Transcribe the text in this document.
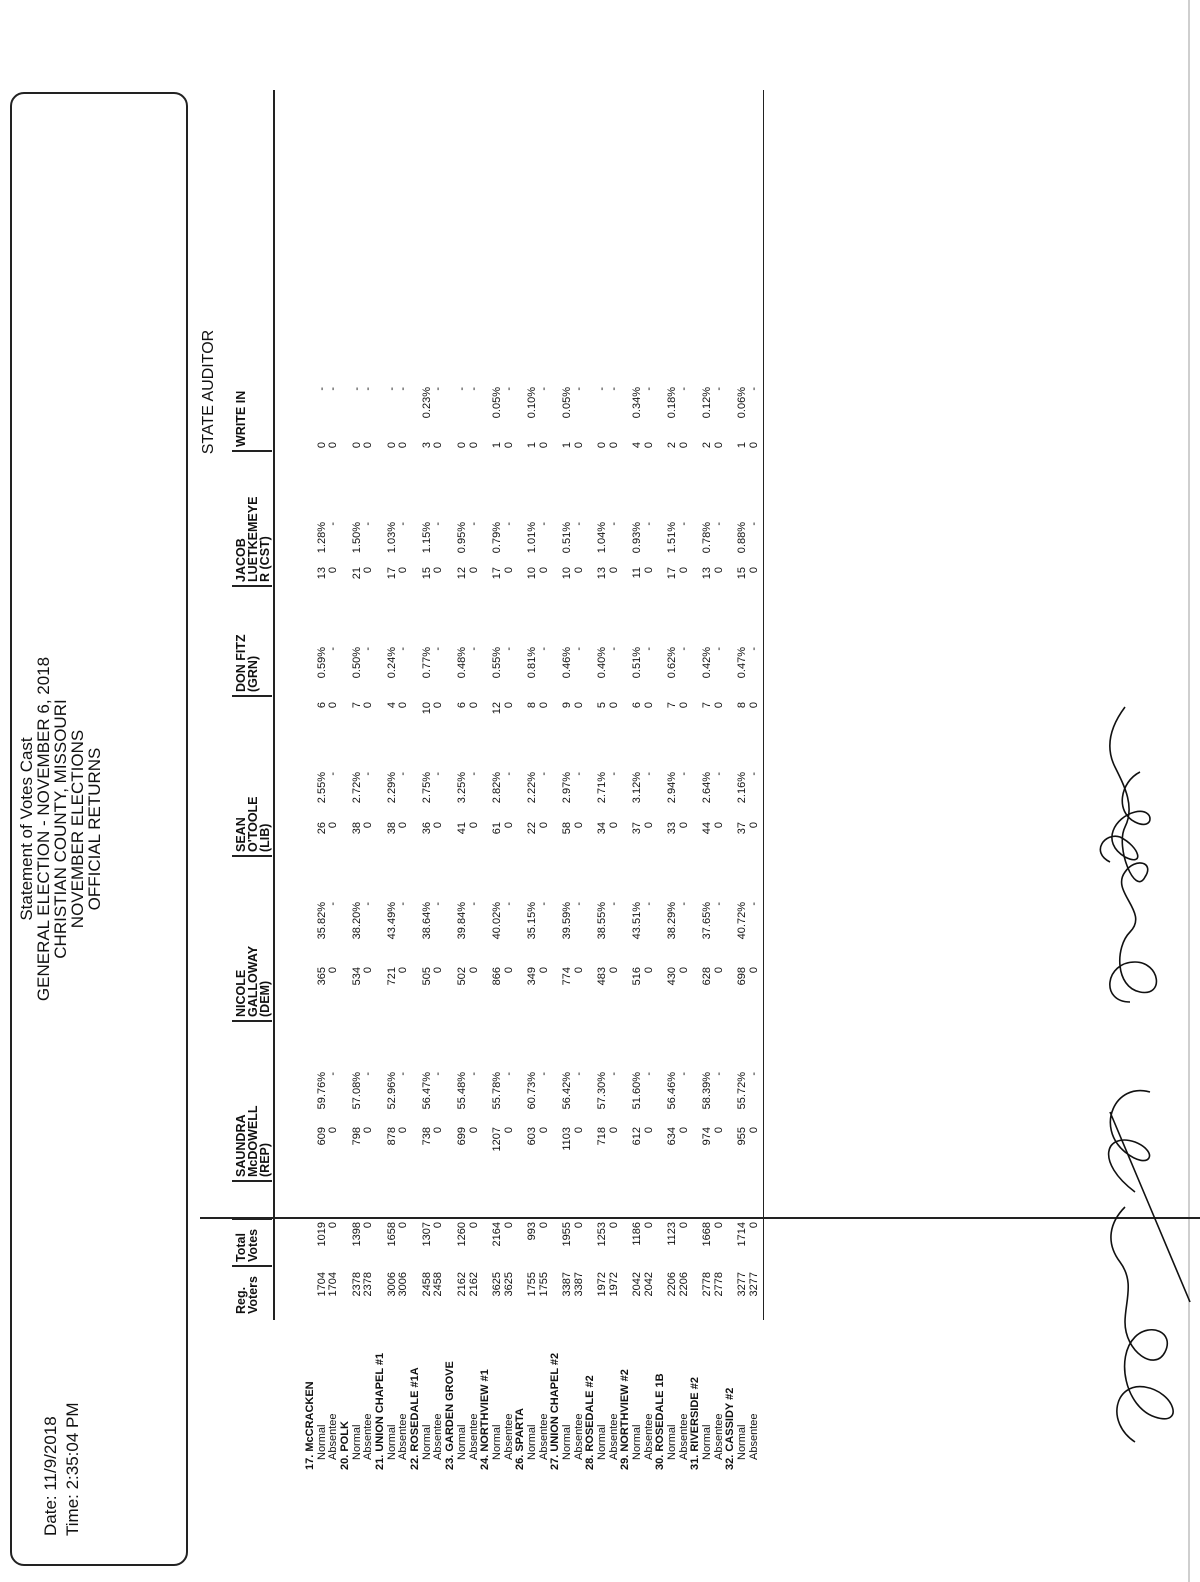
Statement of Votes Cast
GENERAL ELECTION - NOVEMBER 6, 2018
CHRISTIAN COUNTY, MISSOURI
NOVEMBER ELECTIONS
OFFICIAL RETURNS
Date: 11/9/2018 Time: 2:35:04 PM
STATE AUDITOR
Reg.
Voters
Total
Votes
SAUNDRA
McDOWELL
(REP)
NICOLE
GALLOWAY
(DEM)
SEAN
O'TOOLE
(LIB)
DON FITZ
(GRN)
JACOB
LUETKEMEYE
R (CST)
WRITE IN
17. McCRACKEN Normal
1704
1019
609
59.76%
365
35.82%
26
2.55%
6
0.59%
13
1.28%
0
-
Absentee
1704
0
0
-
0
-
0
-
0
-
0
-
0
-
20. POLK Normal
2378
1398
798
57.08%
534
38.20%
38
2.72%
7
0.50%
21
1.50%
0
-
Absentee
2378
0
0
-
0
-
0
-
0
-
0
-
0
-
21. UNION CHAPEL #1 Normal
3006
1658
878
52.96%
721
43.49%
38
2.29%
4
0.24%
17
1.03%
0
-
Absentee
3006
0
0
-
0
-
0
-
0
-
0
-
0
-
22. ROSEDALE #1A Normal
2458
1307
738
56.47%
505
38.64%
36
2.75%
10
0.77%
15
1.15%
3
0.23%
Absentee
2458
0
0
-
0
-
0
-
0
-
0
-
0
-
23. GARDEN GROVE Normal
2162
1260
699
55.48%
502
39.84%
41
3.25%
6
0.48%
12
0.95%
0
-
Absentee
2162
0
0
-
0
-
0
-
0
-
0
-
0
-
24. NORTHVIEW #1 Normal
3625
2164
1207
55.78%
866
40.02%
61
2.82%
12
0.55%
17
0.79%
1
0.05%
Absentee
3625
0
0
-
0
-
0
-
0
-
0
-
0
-
26. SPARTA Normal
1755
993
603
60.73%
349
35.15%
22
2.22%
8
0.81%
10
1.01%
1
0.10%
Absentee
1755
0
0
-
0
-
0
-
0
-
0
-
0
-
27. UNION CHAPEL #2 Normal
3387
1955
1103
56.42%
774
39.59%
58
2.97%
9
0.46%
10
0.51%
1
0.05%
Absentee
3387
0
0
-
0
-
0
-
0
-
0
-
0
-
28. ROSEDALE #2 Normal
1972
1253
718
57.30%
483
38.55%
34
2.71%
5
0.40%
13
1.04%
0
-
Absentee
1972
0
0
-
0
-
0
-
0
-
0
-
0
-
29. NORTHVIEW #2 Normal
2042
1186
612
51.60%
516
43.51%
37
3.12%
6
0.51%
11
0.93%
4
0.34%
Absentee
2042
0
0
-
0
-
0
-
0
-
0
-
0
-
30. ROSEDALE 1B Normal
2206
1123
634
56.46%
430
38.29%
33
2.94%
7
0.62%
17
1.51%
2
0.18%
Absentee
2206
0
0
-
0
-
0
-
0
-
0
-
0
-
31. RIVERSIDE #2 Normal
2778
1668
974
58.39%
628
37.65%
44
2.64%
7
0.42%
13
0.78%
2
0.12%
Absentee
2778
0
0
-
0
-
0
-
0
-
0
-
0
-
32. CASSIDY #2 Normal
3277
1714
955
55.72%
698
40.72%
37
2.16%
8
0.47%
15
0.88%
1
0.06%
Absentee
3277
0
0
-
0
-
0
-
0
-
0
-
0
-
